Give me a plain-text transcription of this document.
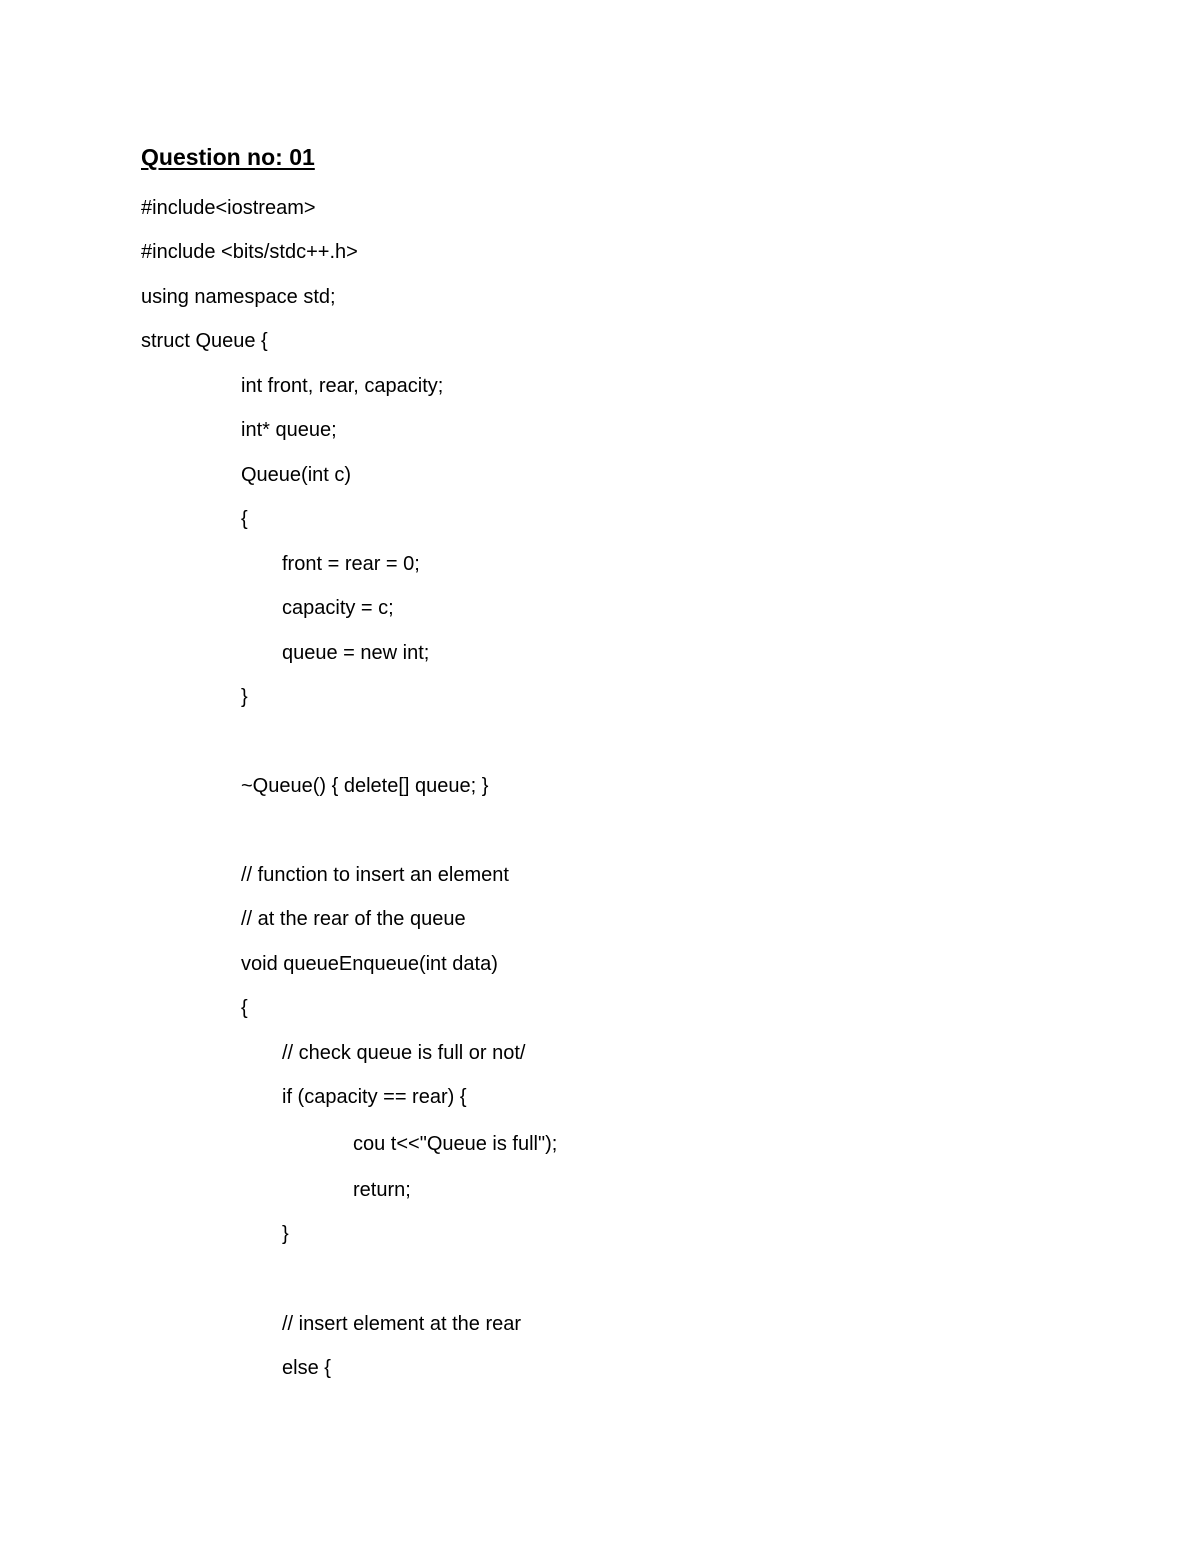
Question no: 01
#include<iostream>
#include <bits/stdc++.h>
using namespace std;
struct Queue {
int front, rear, capacity;
int* queue;
Queue(int c)
{
front = rear = 0;
capacity = c;
queue = new int;
}
~Queue() { delete[] queue; }
// function to insert an element
// at the rear of the queue
void queueEnqueue(int data)
{
// check queue is full or not/
if (capacity == rear) {
cou t<<"Queue is full");
return;
}
// insert element at the rear
else {
